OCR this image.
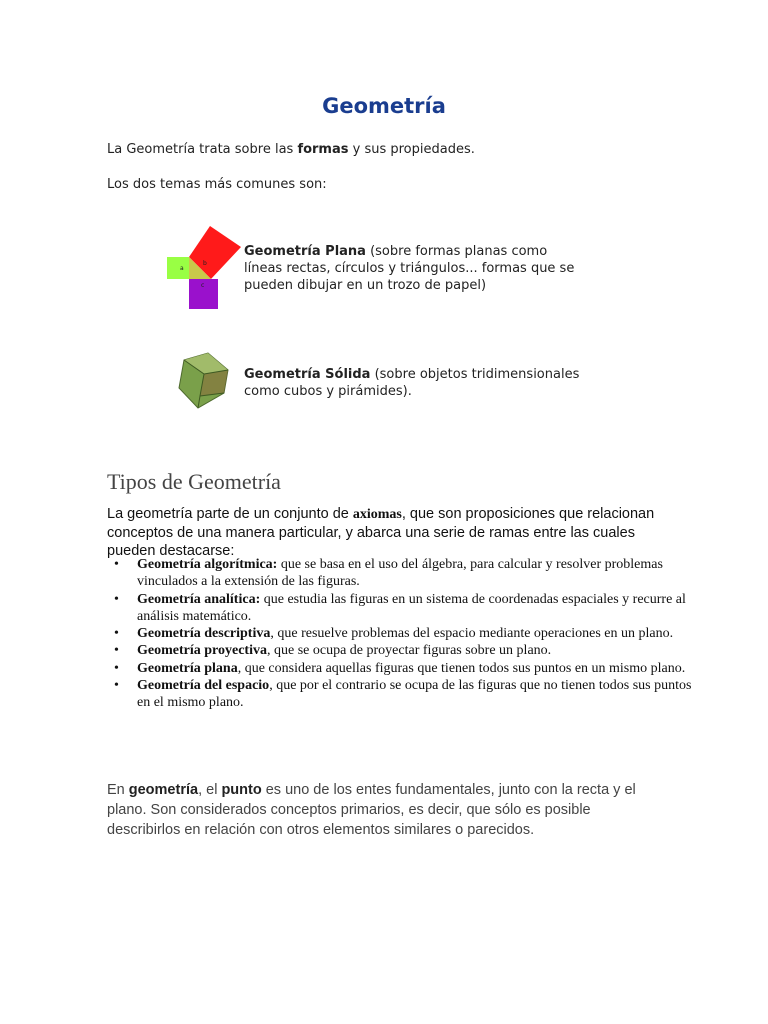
Geometría
La Geometría trata sobre las formas y sus propiedades.
Los dos temas más comunes son:
a
b
c
Geometría Plana (sobre formas planas como líneas rectas, círculos y triángulos... formas que se pueden dibujar en un trozo de papel)
Geometría Sólida (sobre objetos tridimensionales como cubos y pirámides).
Tipos de Geometría
La geometría parte de un conjunto de axiomas, que son proposiciones que relacionan conceptos de una manera particular, y abarca una serie de ramas entre las cuales pueden destacarse:
• Geometría algorítmica: que se basa en el uso del álgebra, para calcular y resolver problemas vinculados a la extensión de las figuras.
• Geometría analítica: que estudia las figuras en un sistema de coordenadas espaciales y recurre al análisis matemático.
• Geometría descriptiva, que resuelve problemas del espacio mediante operaciones en un plano.
• Geometría proyectiva, que se ocupa de proyectar figuras sobre un plano.
• Geometría plana, que considera aquellas figuras que tienen todos sus puntos en un mismo plano.
• Geometría del espacio, que por el contrario se ocupa de las figuras que no tienen todos sus puntos en el mismo plano.
En geometría, el punto es uno de los entes fundamentales, junto con la recta y el plano. Son considerados conceptos primarios, es decir, que sólo es posible describirlos en relación con otros elementos similares o parecidos.
